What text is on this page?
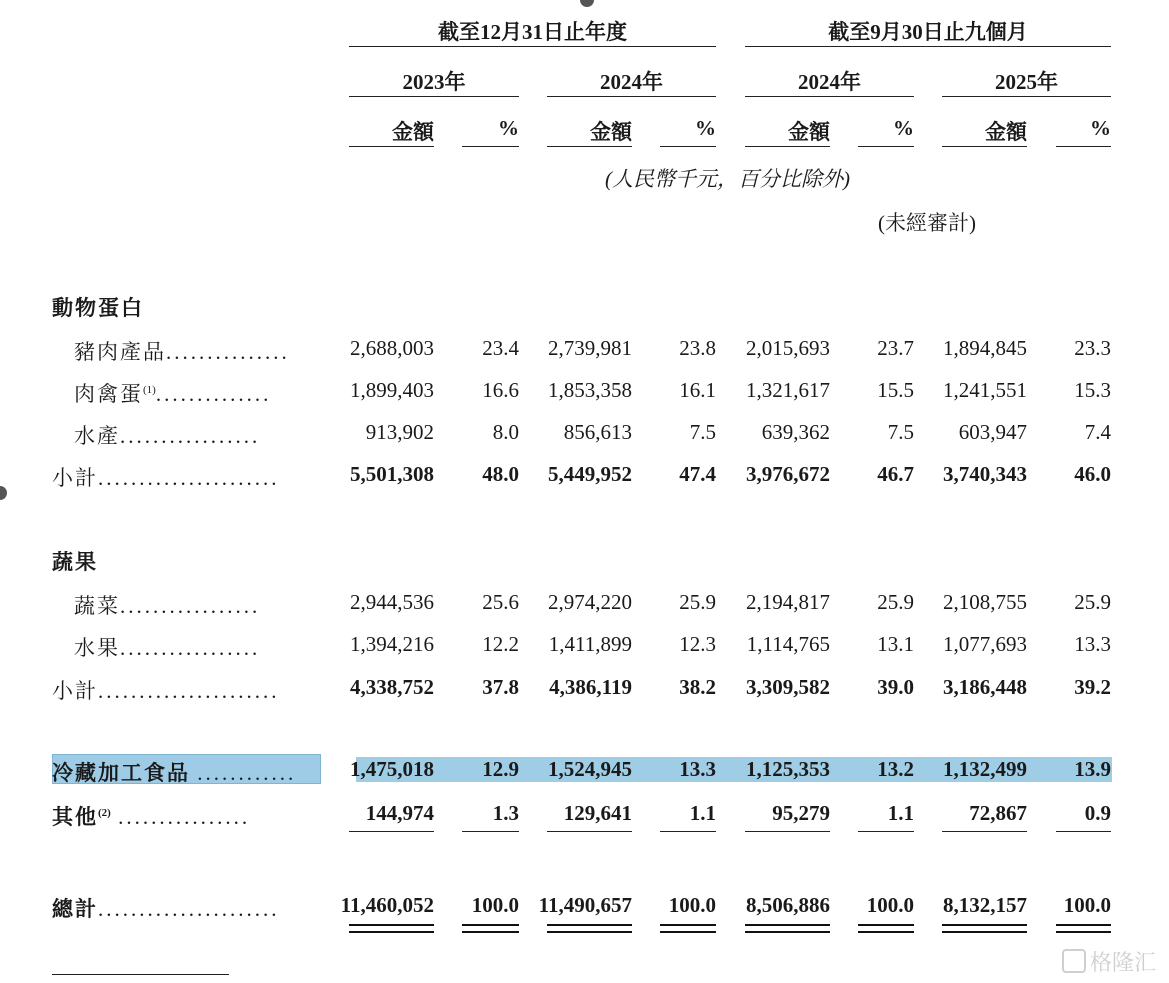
截至12月31日止年度	截至9月30日止九個月
2023年	2024年	2024年	2025年
金額	%	金額	%	金額	%	金額	%
(人民幣千元，百分比除外)
(未經審計)
動物蛋白
豬肉產品...............	2,688,003	23.4	2,739,981	23.8	2,015,693	23.7	1,894,845	23.3
肉禽蛋$^{(1)}$..............	1,899,403	16.6	1,853,358	16.1	1,321,617	15.5	1,241,551	15.3
水產.................	913,902	8.0	856,613	7.5	639,362	7.5	603,947	7.4
小計......................	5,501,308	48.0	5,449,952	47.4	3,976,672	46.7	3,740,343	46.0
蔬果
蔬菜.................	2,944,536	25.6	2,974,220	25.9	2,194,817	25.9	2,108,755	25.9
水果.................	1,394,216	12.2	1,411,899	12.3	1,114,765	13.1	1,077,693	13.3
小計......................	4,338,752	37.8	4,386,119	38.2	3,309,582	39.0	3,186,448	39.2
冷藏加工食品 ............	1,475,018	12.9	1,524,945	13.3	1,125,353	13.2	1,132,499	13.9
其他$^{(2)}$ ................	144,974	1.3	129,641	1.1	95,279	1.1	72,867	0.9
總計......................	11,460,052	100.0 11,490,657	100.0	8,506,886	100.0	8,132,157	100.0
格隆汇
